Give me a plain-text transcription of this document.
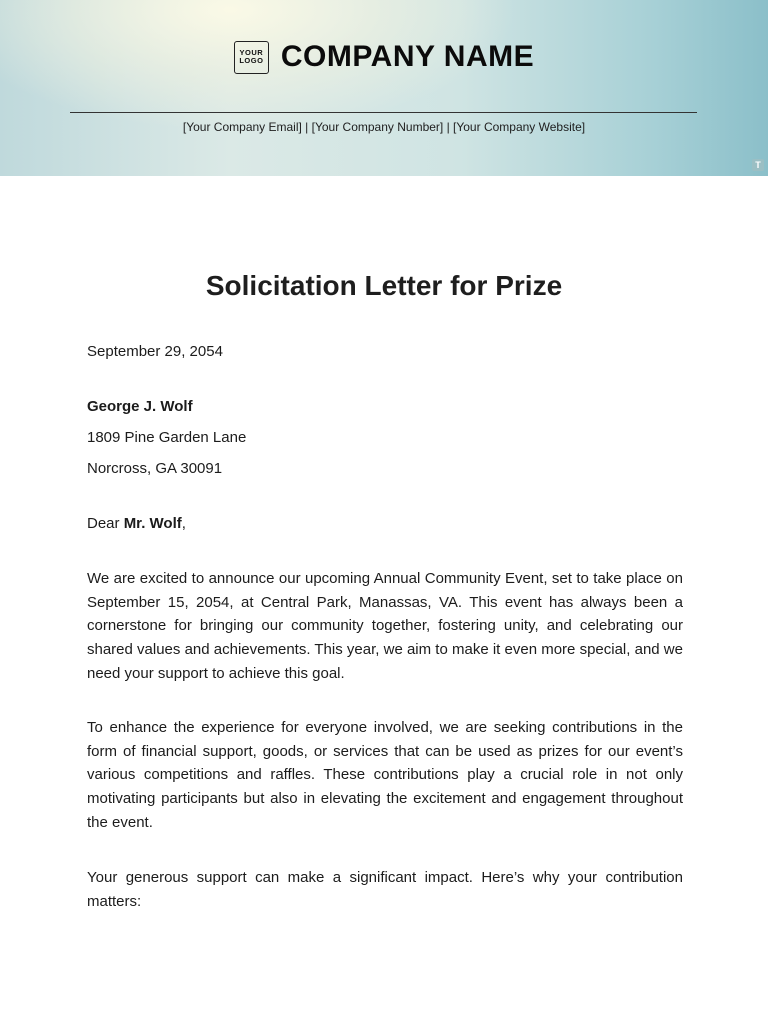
YOUR
LOGO COMPANY NAME
[Your Company Email] | [Your Company Number] | [Your Company Website]
T
Solicitation Letter for Prize
September 29, 2054
George J. Wolf
1809 Pine Garden Lane
Norcross, GA 30091
Dear Mr. Wolf,
We are excited to announce our upcoming Annual Community Event, set to take place on September 15, 2054, at Central Park, Manassas, VA. This event has always been a cornerstone for bringing our community together, fostering unity, and celebrating our shared values and achievements. This year, we aim to make it even more special, and we need your support to achieve this goal.
To enhance the experience for everyone involved, we are seeking contributions in the form of financial support, goods, or services that can be used as prizes for our event’s various competitions and raffles. These contributions play a crucial role in not only motivating participants but also in elevating the excitement and engagement throughout the event.
Your generous support can make a significant impact. Here’s why your contribution matters:
